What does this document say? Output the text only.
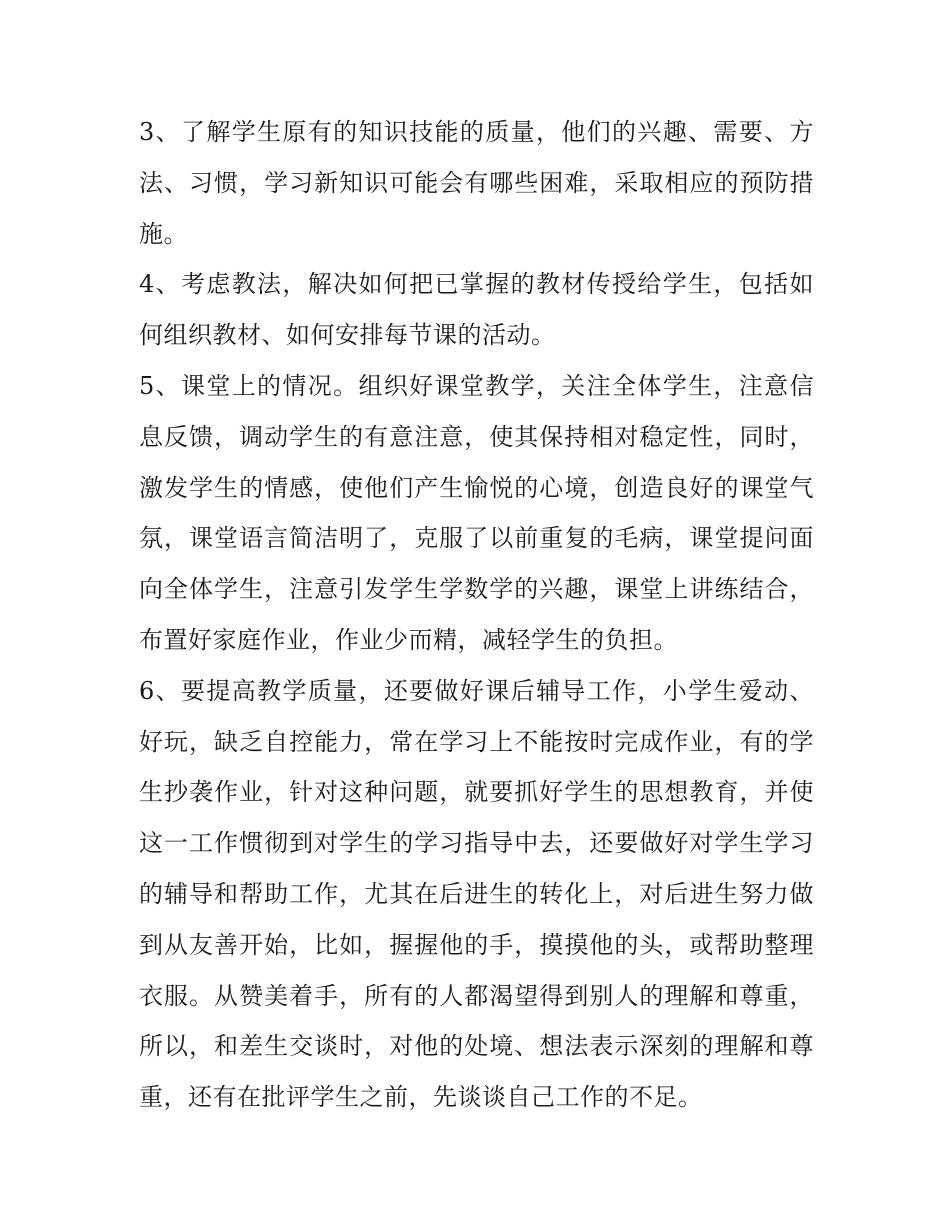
3、了解学生原有的知识技能的质量，他们的兴趣、需要、方法、习惯，学习新知识可能会有哪些困难，采取相应的预防措施。

4、考虑教法，解决如何把已掌握的教材传授给学生，包括如何组织教材、如何安排每节课的活动。

5、课堂上的情况。组织好课堂教学，关注全体学生，注意信息反馈，调动学生的有意注意，使其保持相对稳定性，同时，激发学生的情感，使他们产生愉悦的心境，创造良好的课堂气氛，课堂语言简洁明了，克服了以前重复的毛病，课堂提问面向全体学生，注意引发学生学数学的兴趣，课堂上讲练结合，布置好家庭作业，作业少而精，减轻学生的负担。

6、要提高教学质量，还要做好课后辅导工作，小学生爱动、好玩，缺乏自控能力，常在学习上不能按时完成作业，有的学生抄袭作业，针对这种问题，就要抓好学生的思想教育，并使这一工作惯彻到对学生的学习指导中去，还要做好对学生学习的辅导和帮助工作，尤其在后进生的转化上，对后进生努力做到从友善开始，比如，握握他的手，摸摸他的头，或帮助整理衣服。从赞美着手，所有的人都渴望得到别人的理解和尊重，所以，和差生交谈时，对他的处境、想法表示深刻的理解和尊重，还有在批评学生之前，先谈谈自己工作的不足。
